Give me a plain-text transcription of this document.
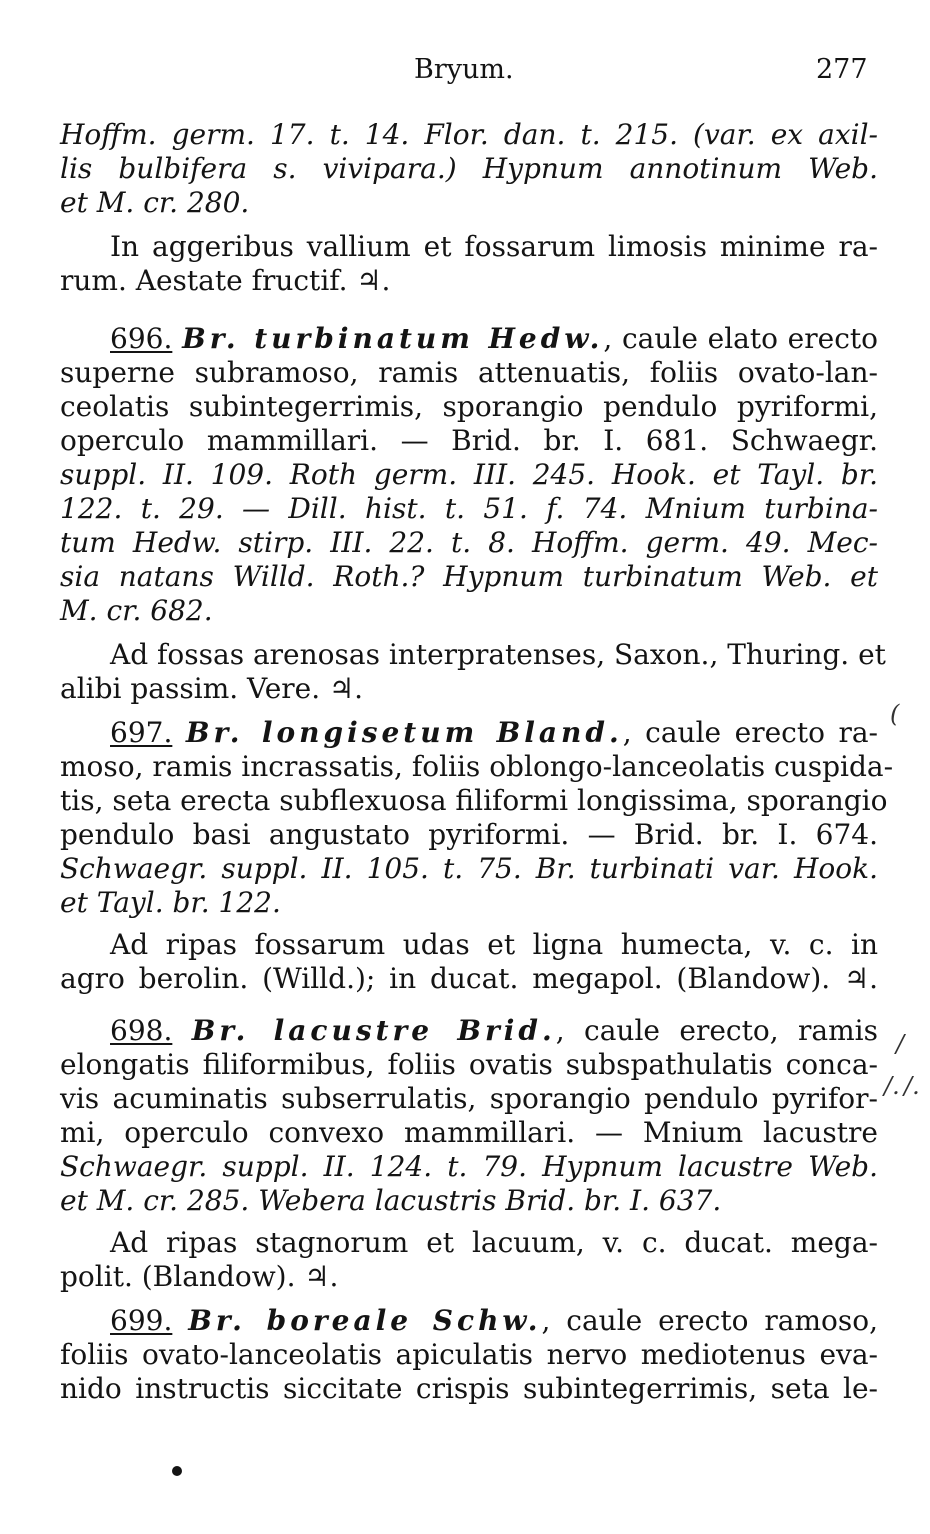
Bryum.	277
Hoffm. germ. 17. t. 14. Flor. dan. t. 215. (var. ex axil-
lis bulbifera s. vivipara.) Hypnum annotinum Web.
et M. cr. 280.
In aggeribus vallium et fossarum limosis minime ra-
rum. Aestate fructif. ♃.
696. Br. turbinatum Hedw., caule elato erecto
superne subramoso, ramis attenuatis, foliis ovato-lan-
ceolatis subintegerrimis, sporangio pendulo pyriformi,
operculo mammillari. — Brid. br. I. 681. Schwaegr.
suppl. II. 109. Roth germ. III. 245. Hook. et Tayl. br.
122. t. 29. — Dill. hist. t. 51. f. 74. Mnium turbina-
tum Hedw. stirp. III. 22. t. 8. Hoffm. germ. 49. Mec-
sia natans Willd. Roth.? Hypnum turbinatum Web. et
M. cr. 682.
Ad fossas arenosas interpratenses, Saxon., Thuring. et
alibi passim. Vere. ♃.
697. Br. longisetum Bland., caule erecto ra-
moso, ramis incrassatis, foliis oblongo-lanceolatis cuspida-
tis, seta erecta subflexuosa filiformi longissima, sporangio
pendulo basi angustato pyriformi. — Brid. br. I. 674.
Schwaegr. suppl. II. 105. t. 75. Br. turbinati var. Hook.
et Tayl. br. 122.
Ad ripas fossarum udas et ligna humecta, v. c. in
agro berolin. (Willd.); in ducat. megapol. (Blandow). ♃.
698. Br. lacustre Brid., caule erecto, ramis
elongatis filiformibus, foliis ovatis subspathulatis conca-
vis acuminatis subserrulatis, sporangio pendulo pyrifor-
mi, operculo convexo mammillari. — Mnium lacustre
Schwaegr. suppl. II. 124. t. 79. Hypnum lacustre Web.
et M. cr. 285. Webera lacustris Brid. br. I. 637.
Ad ripas stagnorum et lacuum, v. c. ducat. mega-
polit. (Blandow). ♃.
699. Br. boreale Schw., caule erecto ramoso,
foliis ovato-lanceolatis apiculatis nervo mediotenus eva-
nido instructis siccitate crispis subintegerrimis, seta le-
(
/
/. /.
